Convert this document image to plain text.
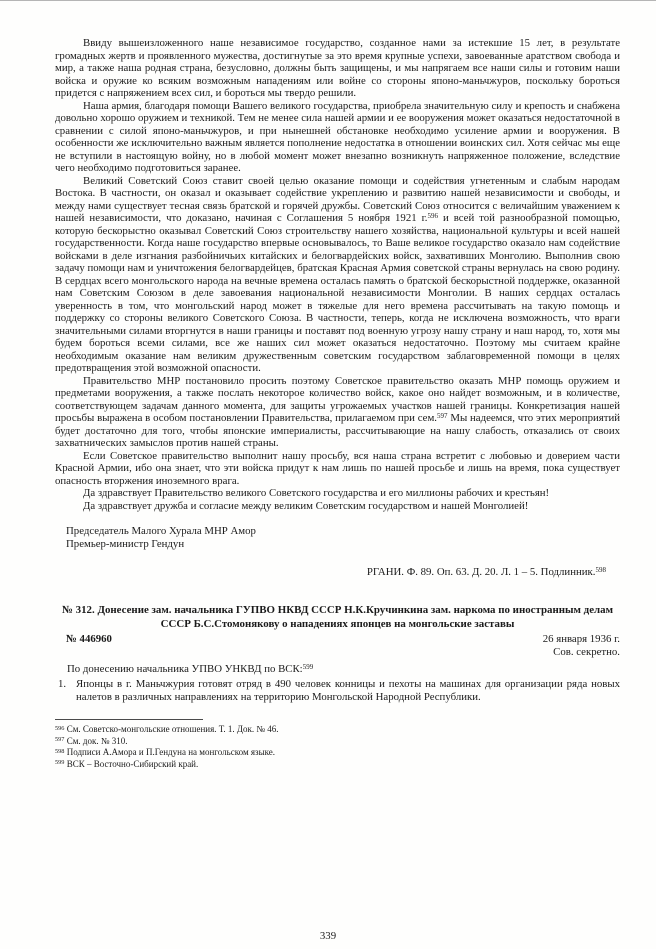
Ввиду вышеизложенного наше независимое государство, созданное нами за истекшие 15 лет, в результате громадных жертв и проявленного мужества, достигнутые за это время крупные успехи, завоеванные аратством свобода и мир, а также наша родная страна, безусловно, должны быть защищены, и мы напрягаем все наши силы и готовим наши войска и оружие ко всяким возможным нападениям или войне со стороны японо-маньчжуров, поскольку бороться придется с напряжением всех сил, и бороться мы твердо решили.

Наша армия, благодаря помощи Вашего великого государства, приобрела значительную силу и крепость и снабжена довольно хорошо оружием и техникой. Тем не менее сила нашей армии и ее вооружения может оказаться недостаточной в сравнении с силой японо-маньчжуров, и при нынешней обстановке необходимо усиление армии и вооружения. В особенности же исключительно важным является пополнение недостатка в отношении воинских сил. Хотя сейчас мы еще не вступили в настоящую войну, но в любой момент может внезапно возникнуть напряженное положение, вследствие чего необходимо подготовиться заранее.

Великий Советский Союз ставит своей целью оказание помощи и содействия угнетенным и слабым народам Востока. В частности, он оказал и оказывает содействие укреплению и развитию нашей независимости и свободы, и между нами существует тесная связь братской и горячей дружбы. Советский Союз относится с величайшим уважением к нашей независимости, что доказано, начиная с Соглашения 5 ноября 1921 г.$^{596}$ и всей той разнообразной помощью, которую бескорыстно оказывал Советский Союз строительству нашего хозяйства, национальной культуры и всей нашей государственности. Когда наше государство впервые основывалось, то Ваше великое государство оказало нам содействие войсками в деле изгнания разбойничьих китайских и белогвардейских войск, захвативших Монголию. Выполнив свою задачу помощи нам и уничтожения белогвардейцев, братская Красная Армия советской страны вернулась на свою родину. В сердцах всего монгольского народа на вечные времена осталась память о братской бескорыстной поддержке, оказанной нам Советским Союзом в деле завоевания национальной независимости Монголии. В наших сердцах осталась уверенность в том, что монгольский народ может в тяжелые для него времена рассчитывать на такую помощь и поддержку со стороны великого Советского Союза. В частности, теперь, когда не исключена возможность, что враги значительными силами вторгнутся в наши границы и поставят под военную угрозу нашу страну и наш народ, то, хотя мы будем бороться всеми силами, все же наших сил может оказаться недостаточно. Поэтому мы считаем крайне необходимым оказание нам великим дружественным советским государством заблаговременной помощи в целях предотвращения этой возможной опасности.

Правительство МНР постановило просить поэтому Советское правительство оказать МНР помощь оружием и предметами вооружения, а также послать некоторое количество войск, какое оно найдет возможным, и в количестве, соответствующем задачам данного момента, для защиты угрожаемых участков нашей границы. Конкретизация нашей просьбы выражена в особом постановлении Правительства, прилагаемом при сем.$^{597}$ Мы надеемся, что этих мероприятий будет достаточно для того, чтобы японские империалисты, рассчитывающие на нашу слабость, отказались от своих захватнических замыслов против нашей страны.

Если Советское правительство выполнит нашу просьбу, вся наша страна встретит с любовью и доверием части Красной Армии, ибо она знает, что эти войска придут к нам лишь по нашей просьбе и лишь на время, пока существует опасность вторжения иноземного врага.

Да здравствует Правительство великого Советского государства и его миллионы рабочих и крестьян!

Да здравствует дружба и согласие между великим Советским государством и нашей Монголией!

Председатель Малого Хурала МНР Амор
Премьер-министр Гендун
РГАНИ. Ф. 89. Оп. 63. Д. 20. Л. 1 – 5. Подлинник.$^{598}$
№ 312. Донесение зам. начальника ГУПВО НКВД СССР Н.К.Кручинкина зам. наркома по иностранным делам СССР Б.С.Стомонякову о нападениях японцев на монгольские заставы
№ 446960	26 января 1936 г.
Сов. секретно.

По донесению начальника УПВО УНКВД по ВСК:$^{599}$

1. Японцы в г. Маньчжурия готовят отряд в 490 человек конницы и пехоты на машинах для организации ряда новых налетов в различных направлениях на территорию Монгольской Народной Республики.
$^{596}$ См. Советско-монгольские отношения. Т. 1. Док. № 46.
$^{597}$ См. док. № 310.
$^{598}$ Подписи А.Амора и П.Гендуна на монгольском языке.
$^{599}$ ВСК – Восточно-Сибирский край.
339
